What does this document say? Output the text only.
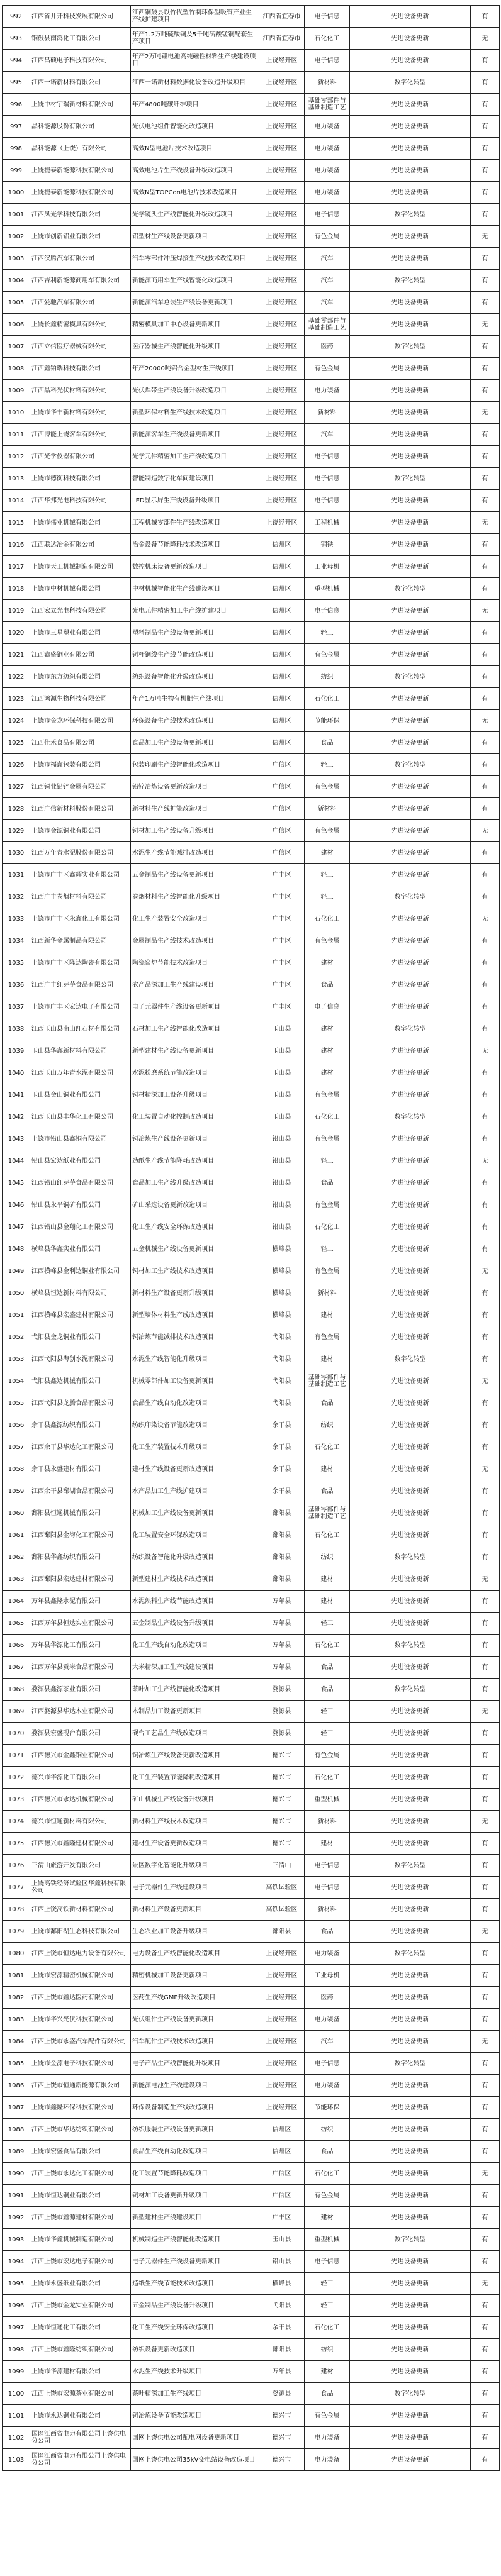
992	江西省井开科技发展有限公司	江西铜鼓县以竹代塑竹制环保型吸管产业生产线扩建项目	江西省宜春市	电子信息	先进设备更新	有
993	铜鼓县南鸿化工有限公司	年产1.2万吨硫酸铜及5千吨硫酸锰铜配套生产项目	江西省宜春市	石化化工	先进设备更新	无
994	江西昌硕电子科技有限公司	年产2万吨锂电池高纯磁性材料生产线建设项目	上饶经开区	电子信息	先进设备更新	有
995	江西一诺新材料有限公司	江西一诺新材料数据化设备改造升级项目	上饶经开区	新材料	数字化转型	有
996	上饶中材宇瑞新材料有限公司	年产4800吨碳纤维项目	上饶经开区	基础零部件与基础制造工艺	先进设备更新	有
997	晶科能源股份有限公司	光伏电池组件智能化改造项目	上饶经开区	电力装备	先进设备更新	有
998	晶科能源（上饶）有限公司	高效N型电池片技术改造项目	上饶经开区	电力装备	先进设备更新	有
999	上饶捷泰新能源科技有限公司	高效电池片生产线设备升级改造项目	上饶经开区	电力装备	先进设备更新	有
1000	上饶捷泰新能源科技有限公司	高效N型TOPCon电池片技术改造项目	上饶经开区	电力装备	先进设备更新	有
1001	江西凤光学科技有限公司	光学镜头生产线智能化升级改造项目	上饶经开区	电子信息	数字化转型	有
1002	上饶市创新铝业有限公司	铝型材生产线设备更新项目	上饶经开区	有色金属	先进设备更新	无
1003	江西汉腾汽车有限公司	汽车零部件冲压焊接生产线技术改造项目	上饶经开区	汽车	先进设备更新	有
1004	江西吉利新能源商用车有限公司	新能源商用车生产线智能化改造项目	上饶经开区	汽车	数字化转型	有
1005	江西爱驰汽车有限公司	新能源汽车总装生产线设备更新项目	上饶经开区	汽车	先进设备更新	有
1006	上饶长鑫精密模具有限公司	精密模具加工中心设备更新项目	上饶经开区	基础零部件与基础制造工艺	先进设备更新	无
1007	江西立信医疗器械有限公司	医疗器械生产线智能化升级项目	上饶经开区	医药	数字化转型	有
1008	江西鑫铂瑞科技有限公司	年产20000吨铝合金型材生产线项目	上饶经开区	有色金属	先进设备更新	有
1009	江西晶科光伏材料有限公司	光伏焊带生产线设备升级改造项目	上饶经开区	电力装备	先进设备更新	有
1010	上饶市华丰新材料有限公司	新型环保材料生产线技术改造项目	上饶经开区	新材料	先进设备更新	无
1011	江西博能上饶客车有限公司	新能源客车生产线设备更新项目	上饶经开区	汽车	先进设备更新	有
1012	江西光学仪器有限公司	光学元件精密加工生产线改造项目	上饶经开区	电子信息	先进设备更新	有
1013	上饶市德衡科技有限公司	智能制造数字化车间建设项目	上饶经开区	电子信息	数字化转型	有
1014	江西华邦光电科技有限公司	LED显示屏生产线设备升级项目	上饶经开区	电子信息	先进设备更新	有
1015	上饶市伟业机械有限公司	工程机械零部件生产线改造项目	上饶经开区	工程机械	先进设备更新	无
1016	江西联达冶金有限公司	冶金设备节能降耗技术改造项目	信州区	钢铁	先进设备更新	有
1017	上饶市天工机械制造有限公司	数控机床设备更新改造项目	信州区	工业母机	先进设备更新	有
1018	上饶市中材机械有限公司	中材机械智能化生产线建设项目	信州区	重型机械	数字化转型	有
1019	江西宏立光电科技有限公司	光电元件精密加工生产线扩建项目	信州区	电子信息	先进设备更新	无
1020	上饶市三星塑业有限公司	塑料制品生产线设备更新项目	信州区	轻工	先进设备更新	有
1021	江西鑫盛铜业有限公司	铜杆铜线生产线节能改造项目	信州区	有色金属	先进设备更新	有
1022	上饶市东方纺织有限公司	纺织设备智能化升级改造项目	信州区	纺织	数字化转型	有
1023	江西鸿源生物科技有限公司	年产1万吨生物有机肥生产线项目	信州区	石化化工	先进设备更新	有
1024	上饶市金龙环保科技有限公司	环保设备生产线技术改造项目	信州区	节能环保	先进设备更新	无
1025	江西佳禾食品有限公司	食品加工生产线设备更新项目	信州区	食品	先进设备更新	有
1026	上饶市福鑫包装有限公司	包装印刷生产线智能化改造项目	广信区	轻工	数字化转型	有
1027	江西铜业铅锌金属有限公司	铅锌冶炼设备更新改造项目	广信区	有色金属	先进设备更新	有
1028	江西广信新材料股份有限公司	新材料生产线扩能改造项目	广信区	新材料	先进设备更新	有
1029	上饶市金源铜业有限公司	铜材加工生产线设备升级项目	广信区	有色金属	先进设备更新	无
1030	江西万年青水泥股份有限公司	水泥生产线节能减排改造项目	广信区	建材	先进设备更新	有
1031	上饶市广丰区鑫辉实业有限公司	五金制品生产线设备更新项目	广丰区	轻工	先进设备更新	有
1032	江西广丰卷烟材料有限公司	卷烟材料生产线智能化升级项目	广丰区	轻工	数字化转型	有
1033	上饶市广丰区永鑫化工有限公司	化工生产装置安全改造项目	广丰区	石化化工	先进设备更新	无
1034	江西新华金属制品有限公司	金属制品生产线技术改造项目	广丰区	有色金属	先进设备更新	有
1035	上饶市广丰区隆达陶瓷有限公司	陶瓷窑炉节能技术改造项目	广丰区	建材	先进设备更新	有
1036	江西广丰红芽芋食品有限公司	农产品深加工生产线建设项目	广丰区	食品	先进设备更新	有
1037	上饶市广丰区宏达电子有限公司	电子元器件生产线设备更新项目	广丰区	电子信息	先进设备更新	有
1038	江西玉山县南山红石材有限公司	石材加工生产线智能化改造项目	玉山县	建材	数字化转型	有
1039	玉山县华鑫新材料有限公司	新型建材生产线设备更新项目	玉山县	建材	先进设备更新	无
1040	江西玉山万年青水泥有限公司	水泥粉磨系统节能改造项目	玉山县	建材	先进设备更新	有
1041	玉山县金山铜业有限公司	铜材精深加工设备升级项目	玉山县	有色金属	先进设备更新	有
1042	江西玉山县丰华化工有限公司	化工装置自动化控制改造项目	玉山县	石化化工	数字化转型	有
1043	上饶市铅山县鑫铜有限公司	铜冶炼生产线设备更新项目	铅山县	有色金属	先进设备更新	有
1044	铅山县宏达纸业有限公司	造纸生产线节能降耗改造项目	铅山县	轻工	先进设备更新	无
1045	江西铅山红芽芋食品有限公司	食品加工生产线升级改造项目	铅山县	食品	先进设备更新	有
1046	铅山县永平铜矿有限公司	矿山采选设备更新改造项目	铅山县	有色金属	先进设备更新	有
1047	江西铅山县金翔化工有限公司	化工生产线安全环保改造项目	铅山县	石化化工	先进设备更新	有
1048	横峰县华鑫实业有限公司	五金机械生产线设备更新项目	横峰县	轻工	先进设备更新	有
1049	江西横峰县金利达铜业有限公司	铜材加工生产线技术改造项目	横峰县	有色金属	先进设备更新	无
1050	横峰县恒达新材料有限公司	新材料生产设备更新升级项目	横峰县	新材料	先进设备更新	有
1051	江西横峰县宏盛建材有限公司	新型墙体材料生产线改造项目	横峰县	建材	先进设备更新	有
1052	弋阳县金龙铜业有限公司	铜冶炼节能减排技术改造项目	弋阳县	有色金属	先进设备更新	有
1053	江西弋阳县海创水泥有限公司	水泥生产线智能化升级项目	弋阳县	建材	数字化转型	有
1054	弋阳县鑫达机械有限公司	机械零部件加工设备更新项目	弋阳县	基础零部件与基础制造工艺	先进设备更新	无
1055	江西弋阳县龙腾食品有限公司	食品生产线自动化改造项目	弋阳县	食品	先进设备更新	有
1056	余干县鑫源纺织有限公司	纺织印染设备节能改造项目	余干县	纺织	先进设备更新	有
1057	江西余干县华达化工有限公司	化工生产装置技术升级项目	余干县	石化化工	先进设备更新	有
1058	余干县永盛建材有限公司	建材生产线设备更新改造项目	余干县	建材	先进设备更新	无
1059	江西余干县鄱湖食品有限公司	水产品加工生产线扩建项目	余干县	食品	先进设备更新	有
1060	鄱阳县恒通机械有限公司	机械加工生产线设备更新项目	鄱阳县	基础零部件与基础制造工艺	先进设备更新	有
1061	江西鄱阳县金海化工有限公司	化工装置安全环保改造项目	鄱阳县	石化化工	先进设备更新	有
1062	鄱阳县华鑫纺织有限公司	纺织设备智能化升级改造项目	鄱阳县	纺织	数字化转型	有
1063	江西鄱阳县宏达建材有限公司	新型建材生产线技术改造项目	鄱阳县	建材	先进设备更新	无
1064	万年县鑫隆水泥有限公司	水泥熟料生产线节能改造项目	万年县	建材	先进设备更新	有
1065	江西万年县恒达实业有限公司	五金制品生产线设备升级项目	万年县	轻工	先进设备更新	有
1066	万年县华源化工有限公司	化工生产线自动化改造项目	万年县	石化化工	数字化转型	有
1067	江西万年县贡米食品有限公司	大米精深加工生产线建设项目	万年县	食品	先进设备更新	有
1068	婺源县鑫源茶业有限公司	茶叶加工生产线智能化改造项目	婺源县	食品	数字化转型	有
1069	江西婺源县华达木业有限公司	木制品加工设备更新项目	婺源县	轻工	先进设备更新	无
1070	婺源县宏盛砚台有限公司	砚台工艺品生产线改造项目	婺源县	轻工	先进设备更新	有
1071	江西德兴市金鑫铜业有限公司	铜冶炼生产线设备更新改造项目	德兴市	有色金属	先进设备更新	有
1072	德兴市华源化工有限公司	化工生产装置节能降耗改造项目	德兴市	石化化工	先进设备更新	有
1073	江西德兴市永达机械有限公司	矿山机械生产线设备升级项目	德兴市	重型机械	先进设备更新	有
1074	德兴市恒通新材料有限公司	新材料生产线技术改造项目	德兴市	新材料	先进设备更新	无
1075	江西德兴市鑫隆建材有限公司	建材生产设备更新改造项目	德兴市	建材	先进设备更新	有
1076	三清山旅游开发有限公司	景区数字化智能化升级项目	三清山	电子信息	数字化转型	有
1077	上饶高铁经济试验区华鑫科技有限公司	电子元器件生产线建设项目	高铁试验区	电子信息	先进设备更新	有
1078	江西上饶高铁新材料有限公司	新材料生产设备更新项目	高铁试验区	新材料	先进设备更新	有
1079	上饶市鄱阳湖生态科技有限公司	生态农业加工设备升级项目	鄱阳县	食品	先进设备更新	无
1080	江西上饶市恒达电力设备有限公司	电力设备生产线智能化改造项目	上饶经开区	电力装备	数字化转型	有
1081	上饶市宏源精密机械有限公司	精密机械加工设备更新项目	上饶经开区	工业母机	先进设备更新	有
1082	江西上饶市鑫达医药有限公司	医药生产线GMP升级改造项目	上饶经开区	医药	先进设备更新	有
1083	上饶市华兴光伏科技有限公司	光伏组件生产线设备更新项目	上饶经开区	电力装备	先进设备更新	有
1084	江西上饶市永盛汽车配件有限公司	汽车配件生产线技术改造项目	上饶经开区	汽车	先进设备更新	无
1085	上饶市金源电子科技有限公司	电子产品生产线智能化升级项目	上饶经开区	电子信息	数字化转型	有
1086	江西上饶市恒通新能源有限公司	新能源电池生产线建设项目	上饶经开区	电力装备	先进设备更新	有
1087	上饶市鑫隆环保科技有限公司	环保设备制造生产线改造项目	上饶经开区	节能环保	先进设备更新	有
1088	江西上饶市华达纺织有限公司	纺织服装生产线设备更新项目	信州区	纺织	先进设备更新	有
1089	上饶市宏盛食品有限公司	食品生产线自动化改造项目	信州区	食品	先进设备更新	有
1090	江西上饶市永达化工有限公司	化工装置节能降耗改造项目	广信区	石化化工	先进设备更新	无
1091	上饶市恒达铜业有限公司	铜材加工设备更新升级项目	广信区	有色金属	先进设备更新	有
1092	江西上饶市鑫源建材有限公司	新型建材生产线建设项目	广丰区	建材	先进设备更新	有
1093	上饶市华鑫机械制造有限公司	机械制造生产线智能化改造项目	玉山县	重型机械	数字化转型	有
1094	江西上饶市宏达电子有限公司	电子元器件生产线设备更新项目	铅山县	电子信息	先进设备更新	有
1095	上饶市永盛纸业有限公司	造纸生产线节能技术改造项目	横峰县	轻工	先进设备更新	无
1096	江西上饶市金龙实业有限公司	五金制品生产线设备升级项目	弋阳县	轻工	先进设备更新	有
1097	上饶市恒通化工有限公司	化工生产线安全环保改造项目	余干县	石化化工	先进设备更新	有
1098	江西上饶市鑫隆纺织有限公司	纺织设备更新改造项目	鄱阳县	纺织	先进设备更新	有
1099	上饶市华源建材有限公司	水泥生产线技术升级项目	万年县	建材	先进设备更新	有
1100	江西上饶市宏源茶业有限公司	茶叶精深加工生产线项目	婺源县	食品	数字化转型	有
1101	上饶市永达铜业有限公司	铜冶炼设备节能改造项目	德兴市	有色金属	先进设备更新	有
1102	国网江西省电力有限公司上饶供电分公司	国网上饶供电公司配电网设备更新项目	德兴市	电力装备	先进设备更新	有
1103	国网江西省电力有限公司上饶供电分公司	国网上饶供电公司35kV变电站设备改造项目	德兴市	电力装备	先进设备更新	有
